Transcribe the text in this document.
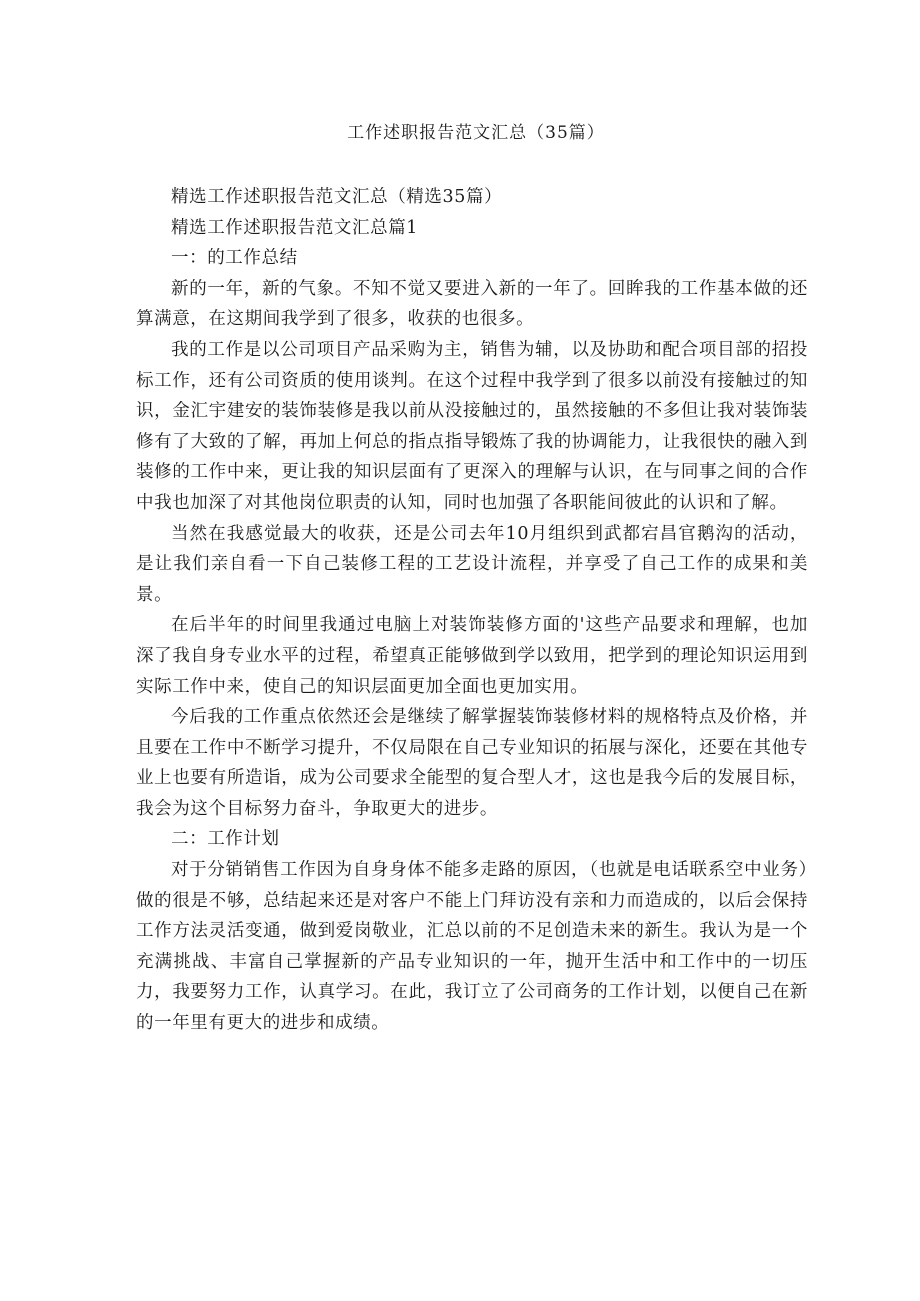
工作述职报告范文汇总（35篇）

精选工作述职报告范文汇总（精选35篇）

精选工作述职报告范文汇总篇1

一：的工作总结

新的一年，新的气象。不知不觉又要进入新的一年了。回眸我的工作基本做的还算满意，在这期间我学到了很多，收获的也很多。

我的工作是以公司项目产品采购为主，销售为辅，以及协助和配合项目部的招投标工作，还有公司资质的使用谈判。在这个过程中我学到了很多以前没有接触过的知识，金汇宇建安的装饰装修是我以前从没接触过的，虽然接触的不多但让我对装饰装修有了大致的了解，再加上何总的指点指导锻炼了我的协调能力，让我很快的融入到装修的工作中来，更让我的知识层面有了更深入的理解与认识，在与同事之间的合作中我也加深了对其他岗位职责的认知，同时也加强了各职能间彼此的认识和了解。

当然在我感觉最大的收获，还是公司去年10月组织到武都宕昌官鹅沟的活动，是让我们亲自看一下自己装修工程的工艺设计流程，并享受了自己工作的成果和美景。

在后半年的时间里我通过电脑上对装饰装修方面的'这些产品要求和理解，也加深了我自身专业水平的过程，希望真正能够做到学以致用，把学到的理论知识运用到实际工作中来，使自己的知识层面更加全面也更加实用。

今后我的工作重点依然还会是继续了解掌握装饰装修材料的规格特点及价格，并且要在工作中不断学习提升，不仅局限在自己专业知识的拓展与深化，还要在其他专业上也要有所造诣，成为公司要求全能型的复合型人才，这也是我今后的发展目标，我会为这个目标努力奋斗，争取更大的进步。

二：工作计划

对于分销销售工作因为自身身体不能多走路的原因，（也就是电话联系空中业务）做的很是不够，总结起来还是对客户不能上门拜访没有亲和力而造成的，以后会保持工作方法灵活变通，做到爱岗敬业，汇总以前的不足创造未来的新生。我认为是一个充满挑战、丰富自己掌握新的产品专业知识的一年，抛开生活中和工作中的一切压力，我要努力工作，认真学习。在此，我订立了公司商务的工作计划，以便自己在新的一年里有更大的进步和成绩。
